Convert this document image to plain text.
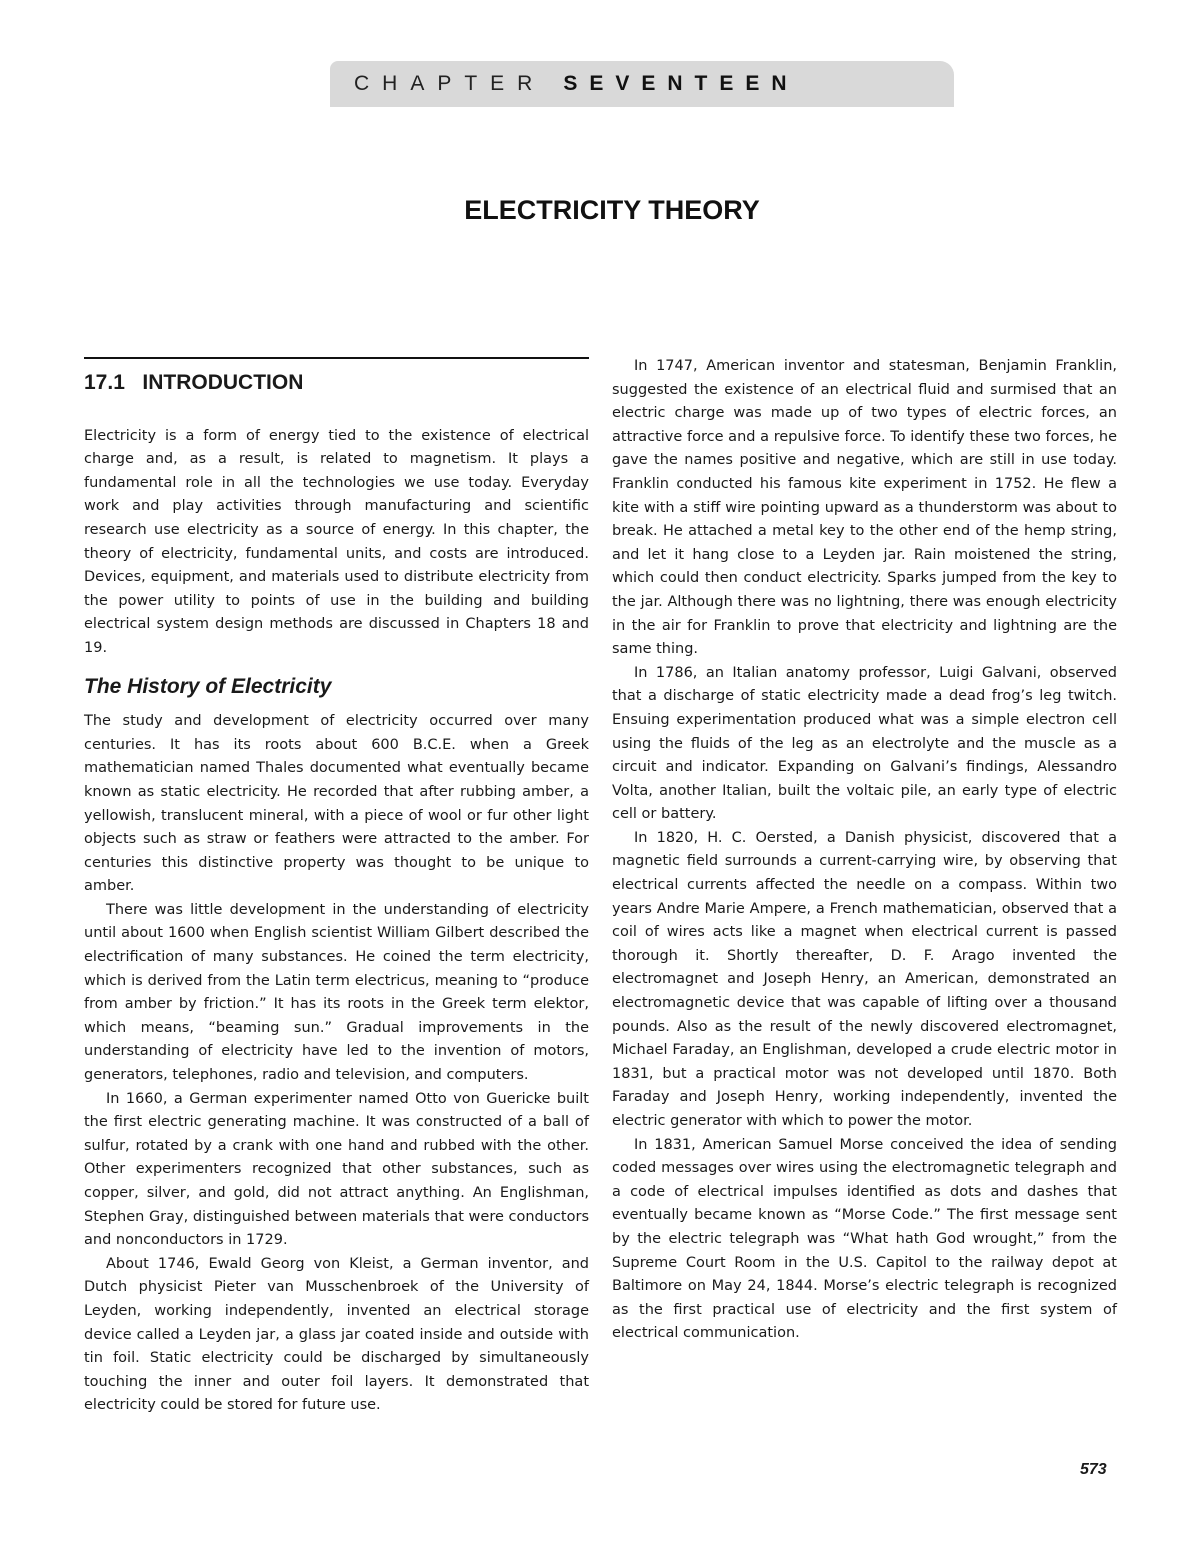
CHAPTER SEVENTEEN
ELECTRICITY THEORY
17.1 INTRODUCTION

Electricity is a form of energy tied to the existence of electrical charge and, as a result, is related to magnetism. It plays a fundamental role in all the technologies we use today. Everyday work and play activities through manufacturing and scientific research use electricity as a source of energy. In this chapter, the theory of electricity, fundamental units, and costs are introduced. Devices, equipment, and materials used to distribute electricity from the power utility to points of use in the building and building electrical system design methods are discussed in Chapters 18 and 19.

The History of Electricity

The study and development of electricity occurred over many centuries. It has its roots about 600 B.C.E. when a Greek mathematician named Thales documented what eventually became known as static electricity. He recorded that after rubbing amber, a yellowish, translucent mineral, with a piece of wool or fur other light objects such as straw or feathers were attracted to the amber. For centuries this distinctive property was thought to be unique to amber.

There was little development in the understanding of electricity until about 1600 when English scientist William Gilbert described the electrification of many substances. He coined the term electricity, which is derived from the Latin term electricus, meaning to “produce from amber by friction.” It has its roots in the Greek term elektor, which means, “beaming sun.” Gradual improvements in the understanding of electricity have led to the invention of motors, generators, telephones, radio and television, and computers.

In 1660, a German experimenter named Otto von Guericke built the first electric generating machine. It was constructed of a ball of sulfur, rotated by a crank with one hand and rubbed with the other. Other experimenters recognized that other substances, such as copper, silver, and gold, did not attract anything. An Englishman, Stephen Gray, distinguished between materials that were conductors and nonconductors in 1729.

About 1746, Ewald Georg von Kleist, a German inventor, and Dutch physicist Pieter van Musschenbroek of the University of Leyden, working independently, invented an electrical storage device called a Leyden jar, a glass jar coated inside and outside with tin foil. Static electricity could be discharged by simultaneously touching the inner and outer foil layers. It demonstrated that electricity could be stored for future use.

In 1747, American inventor and statesman, Benjamin Franklin, suggested the existence of an electrical fluid and surmised that an electric charge was made up of two types of electric forces, an attractive force and a repulsive force. To identify these two forces, he gave the names positive and negative, which are still in use today. Franklin conducted his famous kite experiment in 1752. He flew a kite with a stiff wire pointing upward as a thunderstorm was about to break. He attached a metal key to the other end of the hemp string, and let it hang close to a Leyden jar. Rain moistened the string, which could then conduct electricity. Sparks jumped from the key to the jar. Although there was no lightning, there was enough electricity in the air for Franklin to prove that electricity and lightning are the same thing.

In 1786, an Italian anatomy professor, Luigi Galvani, observed that a discharge of static electricity made a dead frog’s leg twitch. Ensuing experimentation produced what was a simple electron cell using the fluids of the leg as an electrolyte and the muscle as a circuit and indicator. Expanding on Galvani’s findings, Alessandro Volta, another Italian, built the voltaic pile, an early type of electric cell or battery.

In 1820, H. C. Oersted, a Danish physicist, discovered that a magnetic field surrounds a current-carrying wire, by observing that electrical currents affected the needle on a compass. Within two years Andre Marie Ampere, a French mathematician, observed that a coil of wires acts like a magnet when electrical current is passed thorough it. Shortly thereafter, D. F. Arago invented the electromagnet and Joseph Henry, an American, demonstrated an electromagnetic device that was capable of lifting over a thousand pounds. Also as the result of the newly discovered electromagnet, Michael Faraday, an Englishman, developed a crude electric motor in 1831, but a practical motor was not developed until 1870. Both Faraday and Joseph Henry, working independently, invented the electric generator with which to power the motor.

In 1831, American Samuel Morse conceived the idea of sending coded messages over wires using the electromagnetic telegraph and a code of electrical impulses identified as dots and dashes that eventually became known as “Morse Code.” The first message sent by the electric telegraph was “What hath God wrought,” from the Supreme Court Room in the U.S. Capitol to the railway depot at Baltimore on May 24, 1844. Morse’s electric telegraph is recognized as the first practical use of electricity and the first system of electrical communication.

573
